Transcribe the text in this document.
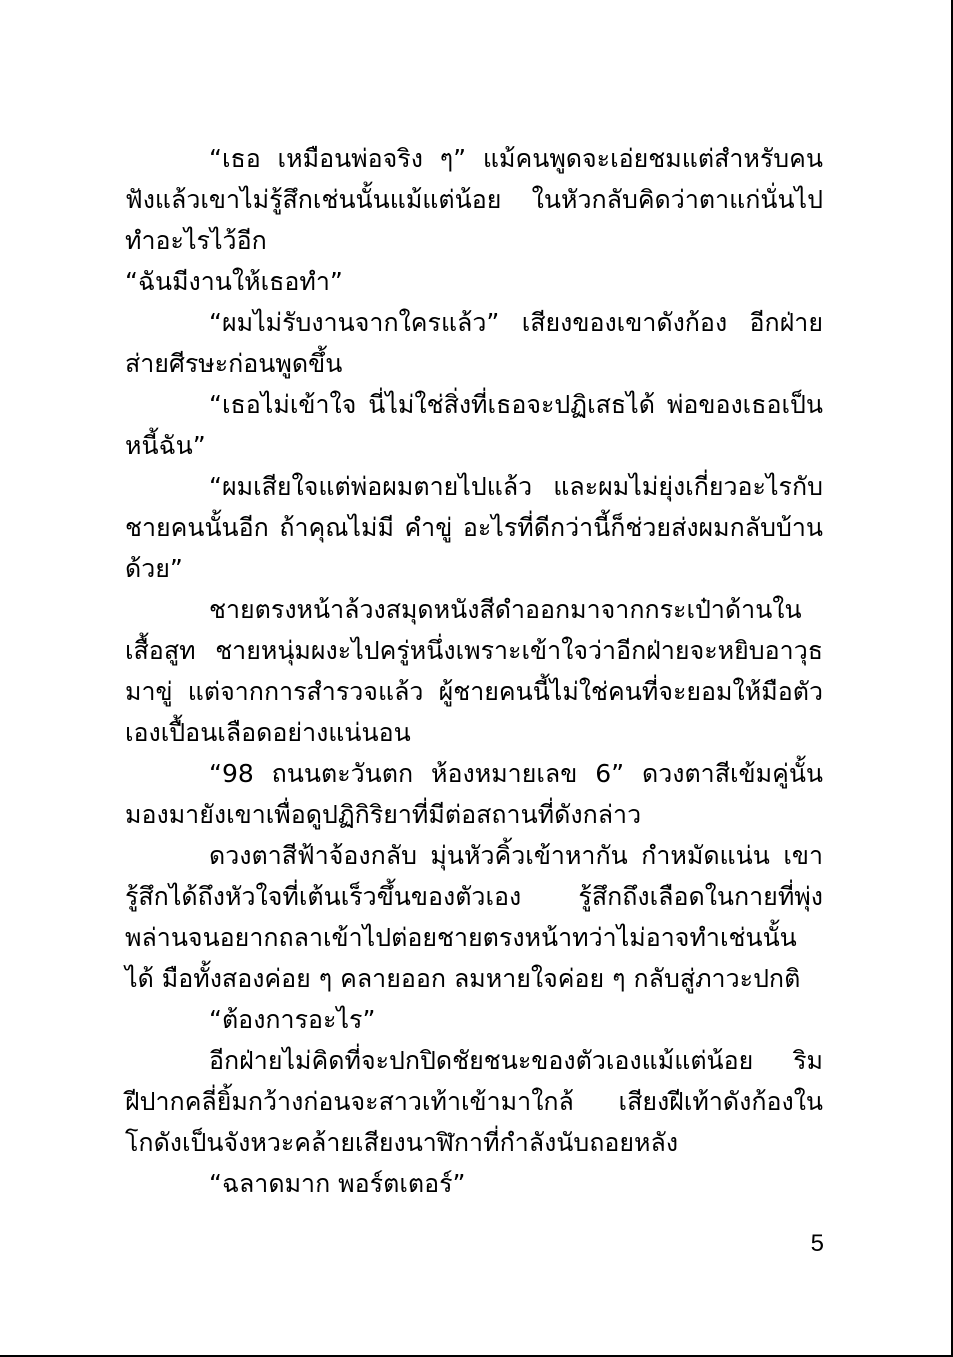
“เธอ เหมือนพ่อจริง ๆ” แม้คนพูดจะเอ่ยชมแต่สำหรับคนฟังแล้วเขาไม่รู้สึกเช่นนั้นแม้แต่น้อย ในหัวกลับคิดว่าตาแก่นั่นไปทำอะไรไว้อีก

“ฉันมีงานให้เธอทำ”

“ผมไม่รับงานจากใครแล้ว” เสียงของเขาดังก้อง อีกฝ่ายส่ายศีรษะก่อนพูดขึ้น

“เธอไม่เข้าใจ นี่ไม่ใช่สิ่งที่เธอจะปฏิเสธได้ พ่อของเธอเป็นหนี้ฉัน”

“ผมเสียใจแต่พ่อผมตายไปแล้ว และผมไม่ยุ่งเกี่ยวอะไรกับชายคนนั้นอีก ถ้าคุณไม่มี คำขู่ อะไรที่ดีกว่านี้ก็ช่วยส่งผมกลับบ้านด้วย”

ชายตรงหน้าล้วงสมุดหนังสีดำออกมาจากกระเป๋าด้านในเสื้อสูท ชายหนุ่มผงะไปครู่หนึ่งเพราะเข้าใจว่าอีกฝ่ายจะหยิบอาวุธมาขู่ แต่จากการสำรวจแล้ว ผู้ชายคนนี้ไม่ใช่คนที่จะยอมให้มือตัวเองเปื้อนเลือดอย่างแน่นอน

“98 ถนนตะวันตก ห้องหมายเลข 6” ดวงตาสีเข้มคู่นั้นมองมายังเขาเพื่อดูปฏิกิริยาที่มีต่อสถานที่ดังกล่าว

ดวงตาสีฟ้าจ้องกลับ มุ่นหัวคิ้วเข้าหากัน กำหมัดแน่น เขารู้สึกได้ถึงหัวใจที่เต้นเร็วขึ้นของตัวเอง รู้สึกถึงเลือดในกายที่พุ่งพล่านจนอยากถลาเข้าไปต่อยชายตรงหน้าทว่าไม่อาจทำเช่นนั้นได้ มือทั้งสองค่อย ๆ คลายออก ลมหายใจค่อย ๆ กลับสู่ภาวะปกติ

“ต้องการอะไร”

อีกฝ่ายไม่คิดที่จะปกปิดชัยชนะของตัวเองแม้แต่น้อย ริมฝีปากคลี่ยิ้มกว้างก่อนจะสาวเท้าเข้ามาใกล้ เสียงฝีเท้าดังก้องในโกดังเป็นจังหวะคล้ายเสียงนาฬิกาที่กำลังนับถอยหลัง

“ฉลาดมาก พอร์ตเตอร์”

5
